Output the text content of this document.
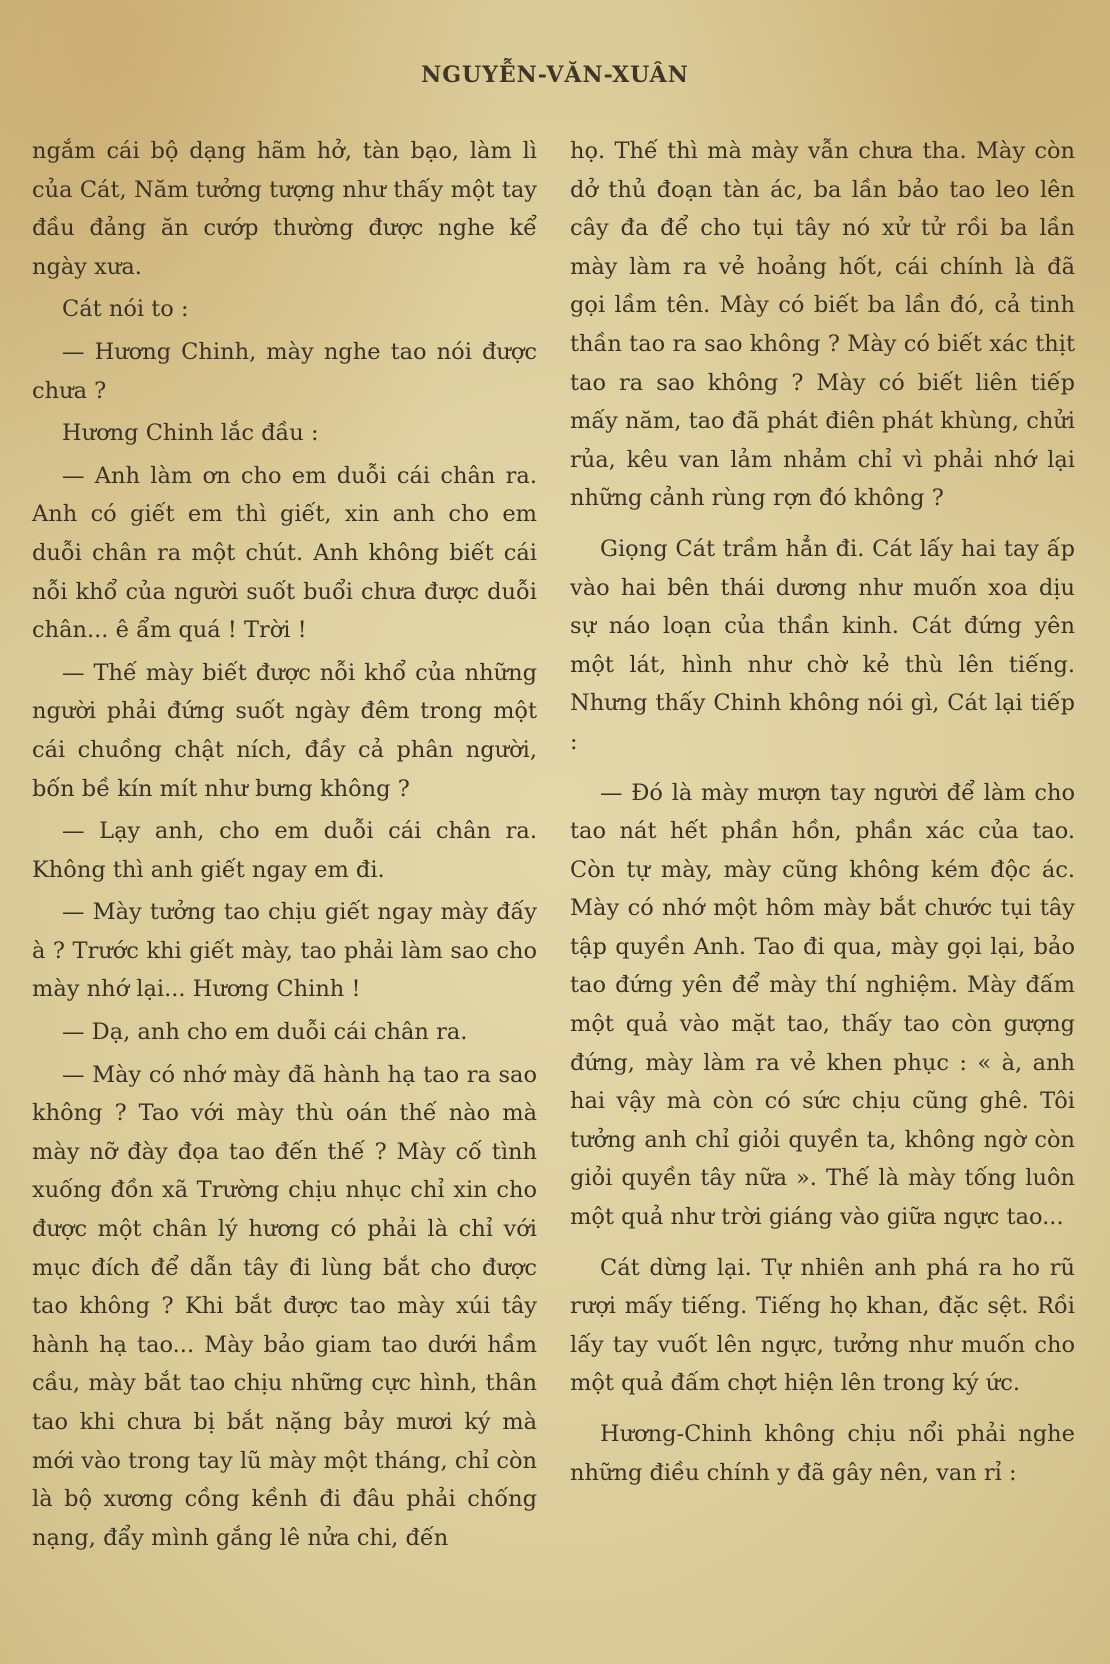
NGUYỄN-VĂN-XUÂN

ngắm cái bộ dạng hãm hở, tàn bạo, làm lì của Cát, Năm tưởng tượng như thấy một tay đầu đảng ăn cướp thường được nghe kể ngày xưa.

Cát nói to :

— Hương Chinh, mày nghe tao nói được chưa ?

Hương Chinh lắc đầu :

— Anh làm ơn cho em duỗi cái chân ra. Anh có giết em thì giết, xin anh cho em duỗi chân ra một chút. Anh không biết cái nỗi khổ của người suốt buổi chưa được duỗi chân... ê ẩm quá ! Trời !

— Thế mày biết được nỗi khổ của những người phải đứng suốt ngày đêm trong một cái chuồng chật ních, đầy cả phân người, bốn bề kín mít như bưng không ?

— Lạy anh, cho em duỗi cái chân ra. Không thì anh giết ngay em đi.

— Mày tưởng tao chịu giết ngay mày đấy à ? Trước khi giết mày, tao phải làm sao cho mày nhớ lại... Hương Chinh !

— Dạ, anh cho em duỗi cái chân ra.

— Mày có nhớ mày đã hành hạ tao ra sao không ? Tao với mày thù oán thế nào mà mày nỡ đày đọa tao đến thế ? Mày cố tình xuống đồn xã Trường chịu nhục chỉ xin cho được một chân lý hương có phải là chỉ với mục đích để dẫn tây đi lùng bắt cho được tao không ? Khi bắt được tao mày xúi tây hành hạ tao... Mày bảo giam tao dưới hầm cầu, mày bắt tao chịu những cực hình, thân tao khi chưa bị bắt nặng bảy mươi ký mà mới vào trong tay lũ mày một tháng, chỉ còn là bộ xương cồng kềnh đi đâu phải chống nạng, đẩy mình gắng lê nửa chi, đến

họ. Thế thì mà mày vẫn chưa tha. Mày còn dở thủ đoạn tàn ác, ba lần bảo tao leo lên cây đa để cho tụi tây nó xử tử rồi ba lần mày làm ra vẻ hoảng hốt, cái chính là đã gọi lầm tên. Mày có biết ba lần đó, cả tinh thần tao ra sao không ? Mày có biết xác thịt tao ra sao không ? Mày có biết liên tiếp mấy năm, tao đã phát điên phát khùng, chửi rủa, kêu van lảm nhảm chỉ vì phải nhớ lại những cảnh rùng rợn đó không ?

Giọng Cát trầm hẳn đi. Cát lấy hai tay ấp vào hai bên thái dương như muốn xoa dịu sự náo loạn của thần kinh. Cát đứng yên một lát, hình như chờ kẻ thù lên tiếng. Nhưng thấy Chinh không nói gì, Cát lại tiếp :

— Đó là mày mượn tay người để làm cho tao nát hết phần hồn, phần xác của tao. Còn tự mày, mày cũng không kém độc ác. Mày có nhớ một hôm mày bắt chước tụi tây tập quyền Anh. Tao đi qua, mày gọi lại, bảo tao đứng yên để mày thí nghiệm. Mày đấm một quả vào mặt tao, thấy tao còn gượng đứng, mày làm ra vẻ khen phục : « à, anh hai vậy mà còn có sức chịu cũng ghê. Tôi tưởng anh chỉ giỏi quyền ta, không ngờ còn giỏi quyền tây nữa ». Thế là mày tống luôn một quả như trời giáng vào giữa ngực tao...

Cát dừng lại. Tự nhiên anh phá ra ho rũ rượi mấy tiếng. Tiếng họ khan, đặc sệt. Rồi lấy tay vuốt lên ngực, tưởng như muốn cho một quả đấm chợt hiện lên trong ký ức.

Hương-Chinh không chịu nổi phải nghe những điều chính y đã gây nên, van rỉ :
